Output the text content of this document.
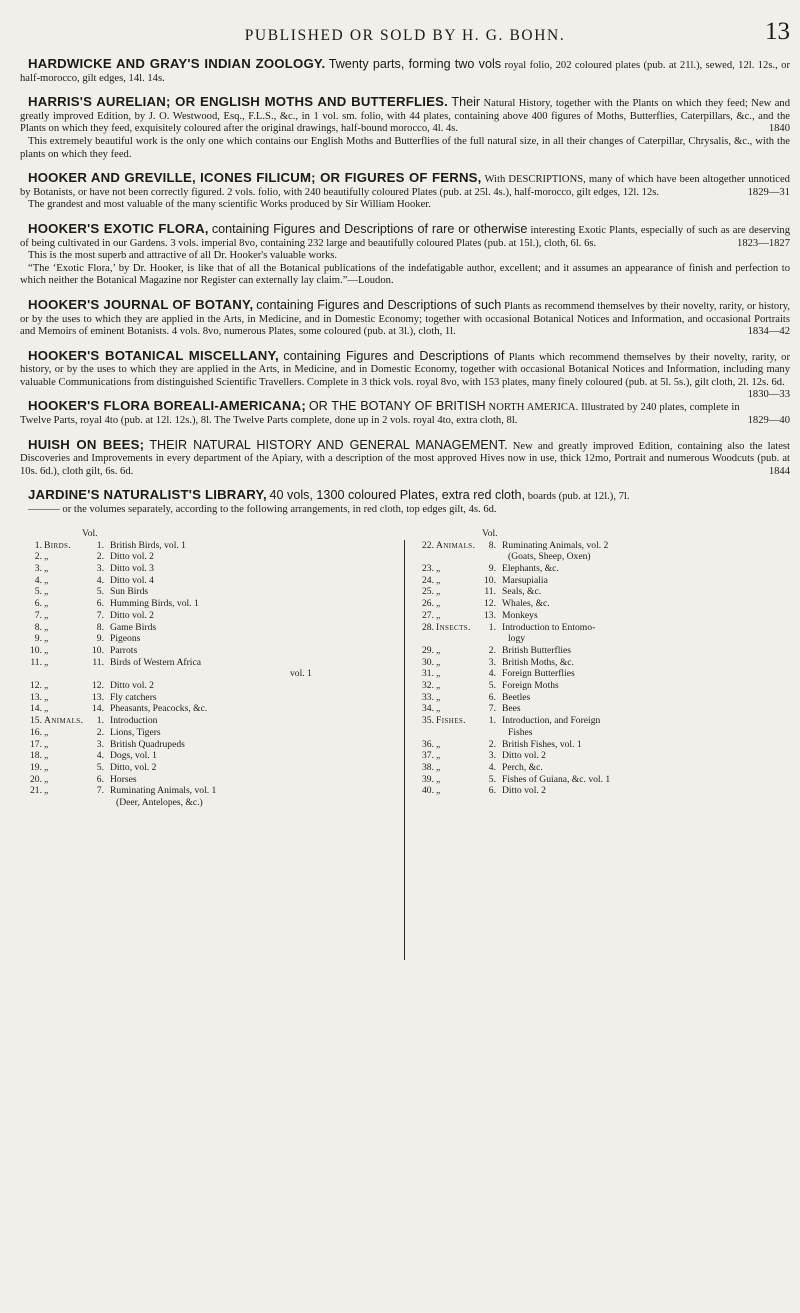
PUBLISHED OR SOLD BY H. G. BOHN.	13

HARDWICKE AND GRAY'S INDIAN ZOOLOGY. Twenty parts, forming two vols royal folio, 202 coloured plates (pub. at 21l.), sewed, 12l. 12s., or half-morocco, gilt edges, 14l. 14s.

HARRIS'S AURELIAN; OR ENGLISH MOTHS AND BUTTERFLIES. Their Natural History, together with the Plants on which they feed; New and greatly improved Edition, by J. O. Westwood, Esq., F.L.S., &c., in 1 vol. sm. folio, with 44 plates, containing above 400 figures of Moths, Butterflies, Caterpillars, &c., and the Plants on which they feed, exquisitely coloured after the original drawings, half-bound morocco, 4l. 4s.	1840

This extremely beautiful work is the only one which contains our English Moths and Butterflies of the full natural size, in all their changes of Caterpillar, Chrysalis, &c., with the plants on which they feed.

HOOKER AND GREVILLE, ICONES FILICUM; OR FIGURES OF FERNS, With DESCRIPTIONS, many of which have been altogether unnoticed by Botanists, or have not been correctly figured. 2 vols. folio, with 240 beautifully coloured Plates (pub. at 25l. 4s.), half-morocco, gilt edges, 12l. 12s.	1829—31

The grandest and most valuable of the many scientific Works produced by Sir William Hooker.

HOOKER'S EXOTIC FLORA, containing Figures and Descriptions of rare or otherwise interesting Exotic Plants, especially of such as are deserving of being cultivated in our Gardens. 3 vols. imperial 8vo, containing 232 large and beautifully coloured Plates (pub. at 15l.), cloth, 6l. 6s.	1823—1827

This is the most superb and attractive of all Dr. Hooker's valuable works.

“The ‘Exotic Flora,’ by Dr. Hooker, is like that of all the Botanical publications of the indefatigable author, excellent; and it assumes an appearance of finish and perfection to which neither the Botanical Magazine nor Register can externally lay claim.”—Loudon.

HOOKER'S JOURNAL OF BOTANY, containing Figures and Descriptions of such Plants as recommend themselves by their novelty, rarity, or history, or by the uses to which they are applied in the Arts, in Medicine, and in Domestic Economy; together with occasional Botanical Notices and Information, and occasional Portraits and Memoirs of eminent Botanists. 4 vols. 8vo, numerous Plates, some coloured (pub. at 3l.), cloth, 1l.	1834—42

HOOKER'S BOTANICAL MISCELLANY, containing Figures and Descriptions of Plants which recommend themselves by their novelty, rarity, or history, or by the uses to which they are applied in the Arts, in Medicine, and in Domestic Economy, together with occasional Botanical Notices and Information, including many valuable Communications from distinguished Scientific Travellers. Complete in 3 thick vols. royal 8vo, with 153 plates, many finely coloured (pub. at 5l. 5s.), gilt cloth, 2l. 12s. 6d.
1830—33

HOOKER'S FLORA BOREALI-AMERICANA; OR THE BOTANY OF BRITISH NORTH AMERICA. Illustrated by 240 plates, complete in Twelve Parts, royal 4to (pub. at 12l. 12s.), 8l. The Twelve Parts complete, done up in 2 vols. royal 4to, extra cloth, 8l.	1829—40

HUISH ON BEES; THEIR NATURAL HISTORY AND GENERAL MANAGEMENT. New and greatly improved Edition, containing also the latest Discoveries and Improvements in every department of the Apiary, with a description of the most approved Hives now in use, thick 12mo, Portrait and numerous Woodcuts (pub. at 10s. 6d.), cloth gilt, 6s. 6d.	1844

JARDINE'S NATURALIST'S LIBRARY, 40 vols, 1300 coloured Plates, extra red cloth, boards (pub. at 12l.), 7l.

——— or the volumes separately, according to the following arrangements, in red cloth, top edges gilt, 4s. 6d.

Vol.	Vol.
1. Birds.	1. British Birds, vol. 1
2. „	2. Ditto vol. 2
3. „	3. Ditto vol. 3
4. „	4. Ditto vol. 4
5. „	5. Sun Birds
6. „	6. Humming Birds, vol. 1
7. „	7. Ditto vol. 2
8. „	8. Game Birds
9. „	9. Pigeons
10. „	10. Parrots
11. „	11. Birds of Western Africa
vol. 1
12. „	12. Ditto vol. 2
13. „	13. Fly catchers
14. „	14. Pheasants, Peacocks, &c.
15. Animals.	1. Introduction
16. „	2. Lions, Tigers
17. „	3. British Quadrupeds
18. „	4. Dogs, vol. 1
19. „	5. Ditto, vol. 2
20. „	6. Horses
21. „	7. Ruminating Animals, vol. 1
(Deer, Antelopes, &c.)
22. Animals.	8. Ruminating Animals, vol. 2
(Goats, Sheep, Oxen)
23. „	9. Elephants, &c.
24. „	10. Marsupialia
25. „	11. Seals, &c.
26. „	12. Whales, &c.
27. „	13. Monkeys
28. Insects.	1. Introduction to Entomo-
logy
29. „	2. British Butterflies
30. „	3. British Moths, &c.
31. „	4. Foreign Butterflies
32. „	5. Foreign Moths
33. „	6. Beetles
34. „	7. Bees
35. Fishes.	1. Introduction, and Foreign
Fishes
36. „	2. British Fishes, vol. 1
37. „	3. Ditto vol. 2
38. „	4. Perch, &c.
39. „	5. Fishes of Guiana, &c. vol. 1
40. „	6. Ditto vol. 2
